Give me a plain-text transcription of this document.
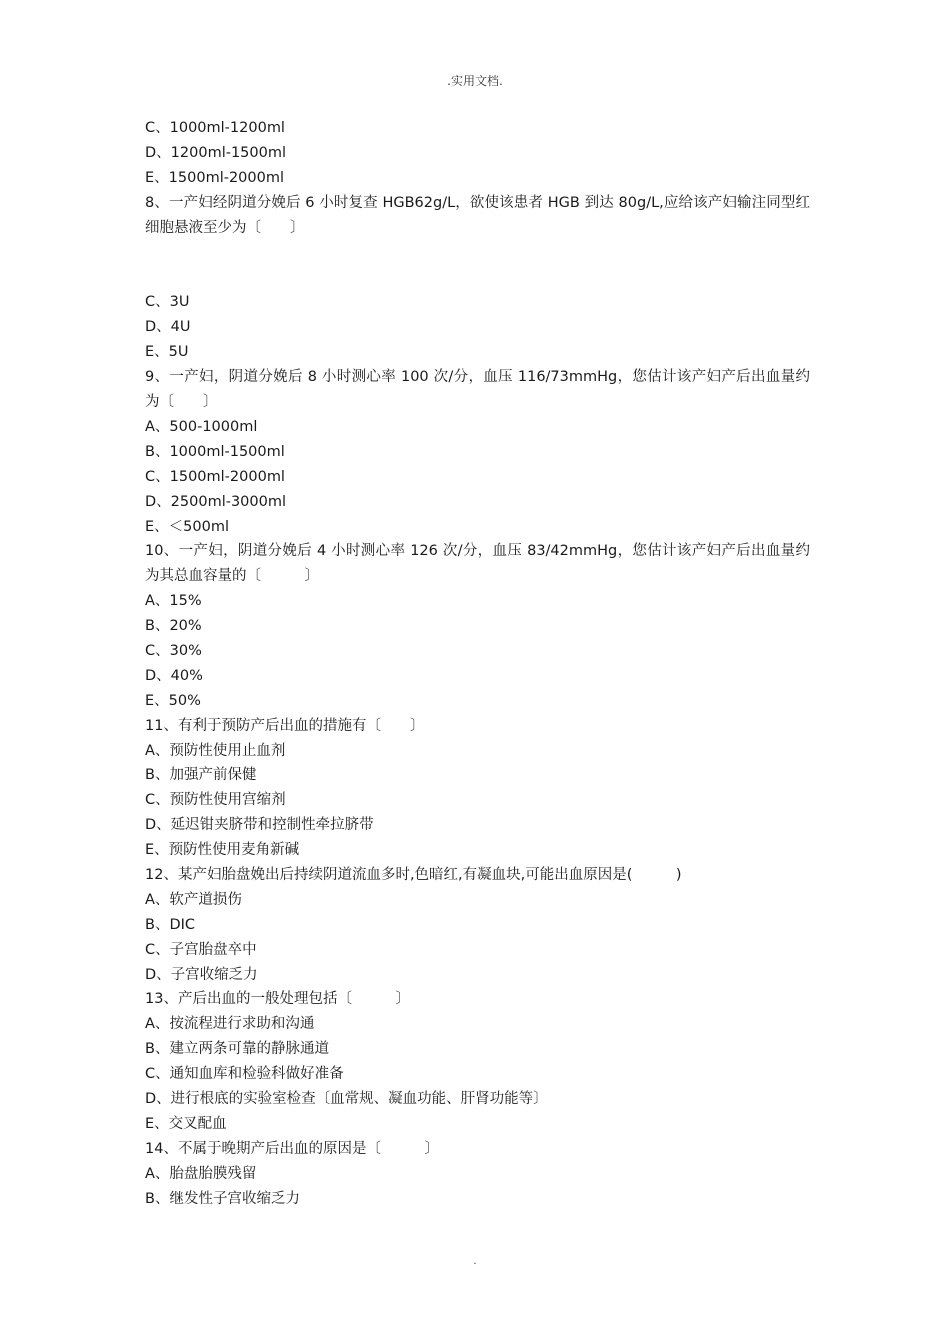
.实用文档.
C、1000ml-1200ml
D、1200ml-1500ml
E、1500ml-2000ml
8、一产妇经阴道分娩后 6 小时复查 HGB62g/L，欲使该患者 HGB 到达 80g/L,应给该产妇输注同型红细胞悬液至少为〔　　〕
C、3U
D、4U
E、5U
9、一产妇，阴道分娩后 8 小时测心率 100 次/分，血压 116/73mmHg，您估计该产妇产后出血量约为〔　　〕
A、500-1000ml
B、1000ml-1500ml
C、1500ml-2000ml
D、2500ml-3000ml
E、＜500ml
10、一产妇，阴道分娩后 4 小时测心率 126 次/分，血压 83/42mmHg，您估计该产妇产后出血量约为其总血容量的〔　　　〕
A、15%
B、20%
C、30%
D、40%
E、50%
11、有利于预防产后出血的措施有〔　　〕
A、预防性使用止血剂
B、加强产前保健
C、预防性使用宫缩剂
D、延迟钳夹脐带和控制性牵拉脐带
E、预防性使用麦角新碱
12、某产妇胎盘娩出后持续阴道流血多时,色暗红,有凝血块,可能出血原因是(　　　)
A、软产道损伤
B、DIC
C、子宫胎盘卒中
D、子宫收缩乏力
13、产后出血的一般处理包括〔　　　〕
A、按流程进行求助和沟通
B、建立两条可靠的静脉通道
C、通知血库和检验科做好准备
D、进行根底的实验室检查〔血常规、凝血功能、肝肾功能等〕
E、交叉配血
14、不属于晚期产后出血的原因是〔　　　〕
A、胎盘胎膜残留
B、继发性子宫收缩乏力
.
